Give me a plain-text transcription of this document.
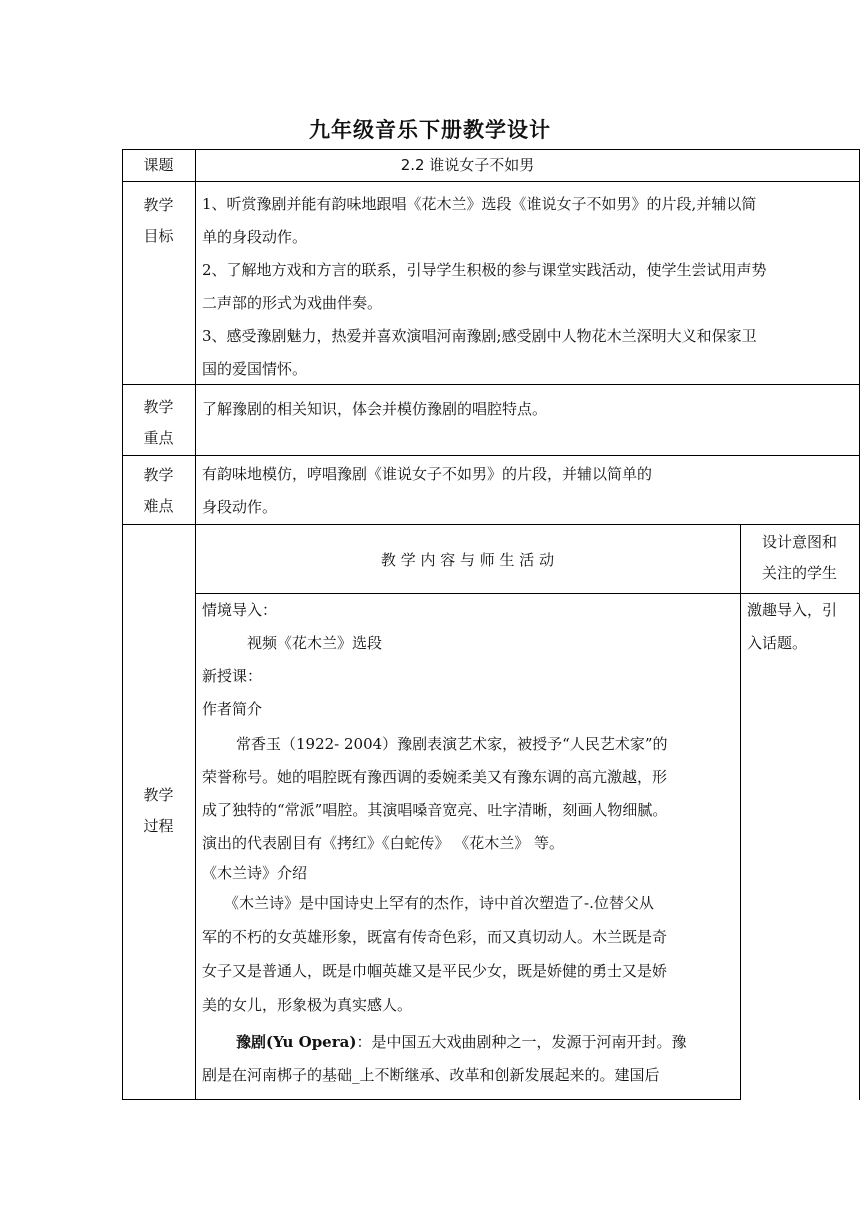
九年级音乐下册教学设计
课题	2.2 谁说女子不如男
教学
目标
1、听赏豫剧并能有韵味地跟唱《花木兰》选段《谁说女子不如男》的片段,并辅以简
单的身段动作。
2、了解地方戏和方言的联系，引导学生积极的参与课堂实践活动，使学生尝试用声势
二声部的形式为戏曲伴奏。
3、感受豫剧魅力，热爱并喜欢演唱河南豫剧;感受剧中人物花木兰深明大义和保家卫
国的爱国情怀。
教学
重点
了解豫剧的相关知识，体会并模仿豫剧的唱腔特点。
教学
难点
有韵味地模仿，哼唱豫剧《谁说女子不如男》的片段，并辅以简单的
身段动作。
教学
过程
教 学 内 容 与 师 生 活 动
设计意图和
关注的学生
激趣导入，引
入话题。
情境导入：
视频《花木兰》选段
新授课：
作者简介
常香玉（1922- 2004）豫剧表演艺术家，被授予“人民艺术家”的
荣誉称号。她的唱腔既有豫西调的委婉柔美又有豫东调的高亢激越，形
成了独特的“常派”唱腔。其演唱嗓音宽亮、吐字清晰，刻画人物细腻。
演出的代表剧目有《拷红》《白蛇传》 《花木兰》 等。
《木兰诗》介绍
《木兰诗》是中国诗史上罕有的杰作，诗中首次塑造了-.位替父从
军的不朽的女英雄形象，既富有传奇色彩，而又真切动人。木兰既是奇
女子又是普通人，既是巾帼英雄又是平民少女，既是娇健的勇士又是娇
美的女儿，形象极为真实感人。
豫剧(Yu Opera)：是中国五大戏曲剧种之一，发源于河南开封。豫
剧是在河南梆子的基础_上不断继承、改革和创新发展起来的。建国后
